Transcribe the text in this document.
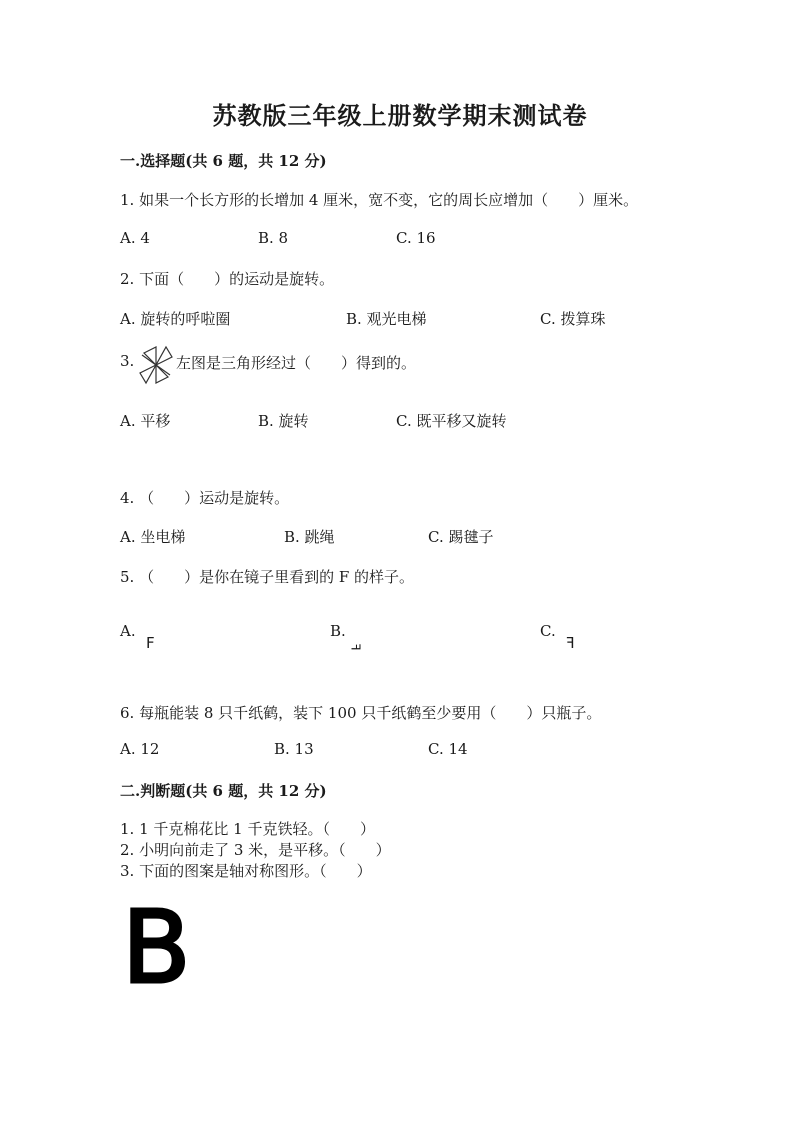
苏教版三年级上册数学期末测试卷
一.选择题(共 6 题，共 12 分)
1. 如果一个长方形的长增加 4 厘米，宽不变，它的周长应增加（　　）厘米。
A. 4	B. 8	C. 16
2. 下面（　　）的运动是旋转。
A. 旋转的呼啦圈	B. 观光电梯	C. 拨算珠
3.	左图是三角形经过（　　）得到的。
A. 平移	B. 旋转	C. 既平移又旋转
4. （　　）运动是旋转。
A. 坐电梯	B. 跳绳	C. 踢毽子
5. （　　）是你在镜子里看到的 F 的样子。
A.
F
B.
F
C.
F
6. 每瓶能装 8 只千纸鹤，装下 100 只千纸鹤至少要用（　　）只瓶子。
A. 12	B. 13	C. 14
二.判断题(共 6 题，共 12 分)
1. 1 千克棉花比 1 千克铁轻。（　　）
2. 小明向前走了 3 米，是平移。（　　）
3. 下面的图案是轴对称图形。（　　）
B
